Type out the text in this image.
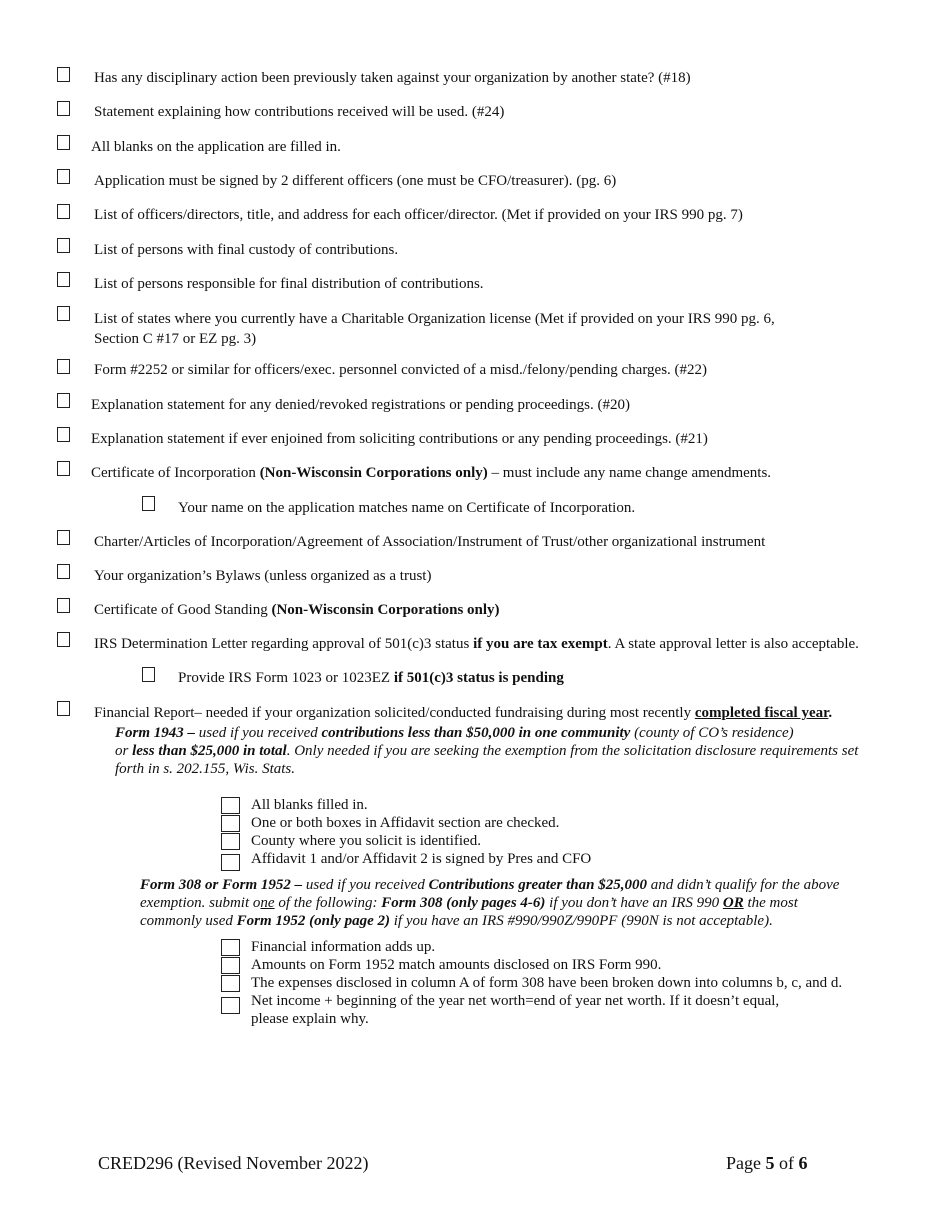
Has any disciplinary action been previously taken against your organization by another state? (#18)
Statement explaining how contributions received will be used. (#24)
All blanks on the application are filled in.
Application must be signed by 2 different officers (one must be CFO/treasurer). (pg. 6)
List of officers/directors, title, and address for each officer/director. (Met if provided on your IRS 990 pg. 7)
List of persons with final custody of contributions.
List of persons responsible for final distribution of contributions.
List of states where you currently have a Charitable Organization license (Met if provided on your IRS 990 pg. 6,
Section C #17 or EZ pg. 3)
Form #2252 or similar for officers/exec. personnel convicted of a misd./felony/pending charges. (#22)
Explanation statement for any denied/revoked registrations or pending proceedings. (#20)
Explanation statement if ever enjoined from soliciting contributions or any pending proceedings. (#21)
Certificate of Incorporation (Non-Wisconsin Corporations only) – must include any name change amendments.
Your name on the application matches name on Certificate of Incorporation.
Charter/Articles of Incorporation/Agreement of Association/Instrument of Trust/other organizational instrument
Your organization’s Bylaws (unless organized as a trust)
Certificate of Good Standing (Non-Wisconsin Corporations only)
IRS Determination Letter regarding approval of 501(c)3 status if you are tax exempt. A state approval letter is also acceptable.
Provide IRS Form 1023 or 1023EZ if 501(c)3 status is pending
Financial Report– needed if your organization solicited/conducted fundraising during most recently completed fiscal year.
Form 1943 – used if you received contributions less than $50,000 in one community (county of CO’s residence)
or less than $25,000 in total. Only needed if you are seeking the exemption from the solicitation disclosure requirements set
forth in s. 202.155, Wis. Stats.
All blanks filled in.
One or both boxes in Affidavit section are checked.
County where you solicit is identified.
Affidavit 1 and/or Affidavit 2 is signed by Pres and CFO
Form 308 or Form 1952 – used if you received Contributions greater than $25,000 and didn’t qualify for the above
exemption. submit one of the following: Form 308 (only pages 4-6) if you don’t have an IRS 990 OR the most
commonly used Form 1952 (only page 2) if you have an IRS #990/990Z/990PF (990N is not acceptable).
Financial information adds up.
Amounts on Form 1952 match amounts disclosed on IRS Form 990.
The expenses disclosed in column A of form 308 have been broken down into columns b, c, and d.
Net income + beginning of the year net worth=end of year net worth. If it doesn’t equal,
please explain why.
CRED296 (Revised November 2022)	Page 5 of 6
